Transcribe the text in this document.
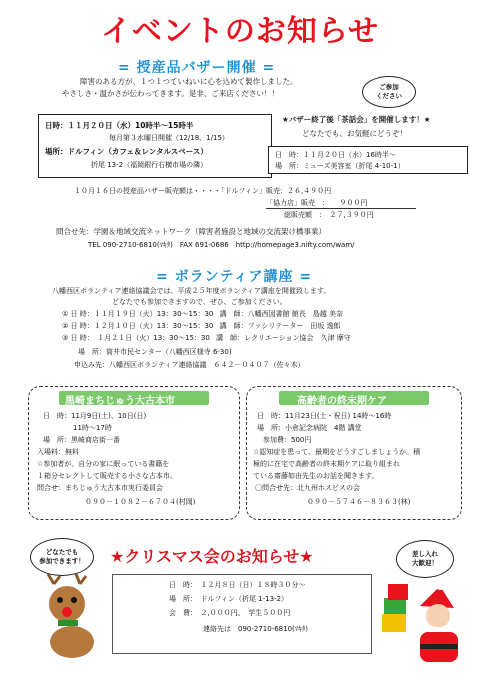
イベントのお知らせ
= 授産品バザー開催 =
障害のある方が、１つ１つていねいに心を込めて製作しました。
やさしさ・温かさが伝わってきます。是非、ご来店ください！！
ご参加
ください
日時：１１月２０日（水）10時半～15時半
毎月第３水曜日開催（12/18、1/15）
場所：ドルフィン（カフェ＆レンタルスペース）
折尾 13-2（福岡銀行右横市場の隣）
★バザー終了後「茶話会」を開催します！★
どなたでも、お気軽にどうぞ！
日　時：１１月２０日（水）16時半～
場　所：ミューズ美容室（折尾 4-10-1）
１０月１６日の授産品バザー販売額は・・・・「ドルフィン」販売：２６,４９０円
「協力店」販売　：　　９００円
総販売額　：　２７,３９０円
問合せ先：学園＆地域交流ネットワーク（障害者施設と地域の交流架け橋事業）
TEL 090-2710-6810(ﾏｷﾀ)　FAX 691-0686　http://homepage3.nifty.com/wam/
= ボランティア講座 =
八幡西区ボランティア連絡協議会では、平成２５年度ボランティア講座を開催致します。
どなたでも参加できますので、ぜひ、ご参加ください。
① 日 時：１１月１９日（火）13：30～15：30 講　師：八幡西図書館 館長　島越 美奈
② 日 時：１２月１０日（火）13：30～15：30 講　師：ファシリテーター　田坂 逸郎
③ 日 時：　１月２１日（火）13：30～15：30 講　師：レクリエーション協会　久津 摩守
場　所：筒井市民センター（八幡西区様寺 6-30)
申込み先：八幡西区ボランティア連絡協議　６４２－０４０７（佐々木）
黒崎まちじゅう大古本市
日　時：11月9日(土)、10日(日)
11時～17時
場　所：黒崎商店街一番
入場料：無料
☆参加者が、自分の家に眠っている書籍を
１箱分セレクトして販売する小さな古本市。
問合せ：まちじゅう大古本市実行委員会
０９０－１０８２－６７０４(村岡)
高齢者の終末期ケア
日　時：11月23日(土・祝日) 14時～16時
場　所：小倉記念病院　4階 講堂
参加費：500円
☆認知症を患って、最期をどうすごしましょうか。積
極的に在宅で高齢者の終末期ケアに取り組まれ
ている齋藤如由先生のお話を聞きます。
〇問合せ先：北九州ホスピスの会
０９０－５７４６－８３６３(林)
★クリスマス会のお知らせ★
どなたでも
参加できます！
差し入れ
大歓迎！
日　時：　１２月８日（日）１８時３０分～
場　所：　ドルフィン（折尾 1-13-2）
会　費：　２,０００円、　学生５００円
連絡先は　090-2710-6810(ﾏｷﾀ)
